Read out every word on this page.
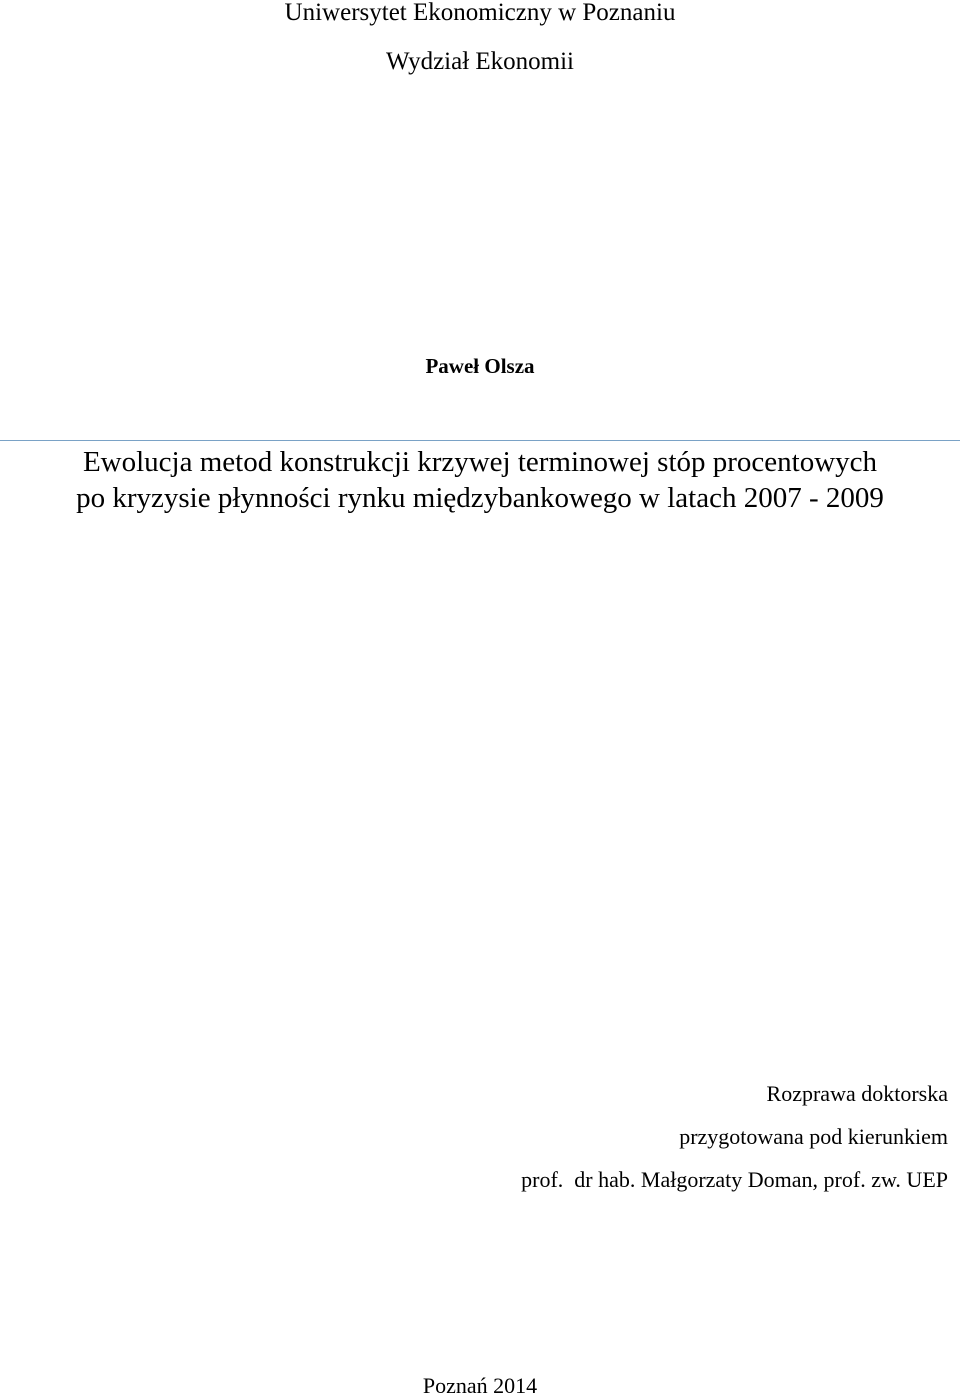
Uniwersytet Ekonomiczny w Poznaniu
Wydział Ekonomii
Paweł Olsza
Ewolucja metod konstrukcji krzywej terminowej stóp procentowych
po kryzysie płynności rynku międzybankowego w latach 2007 - 2009
Rozprawa doktorska
przygotowana pod kierunkiem
prof.  dr hab. Małgorzaty Doman, prof. zw. UEP
Poznań 2014
